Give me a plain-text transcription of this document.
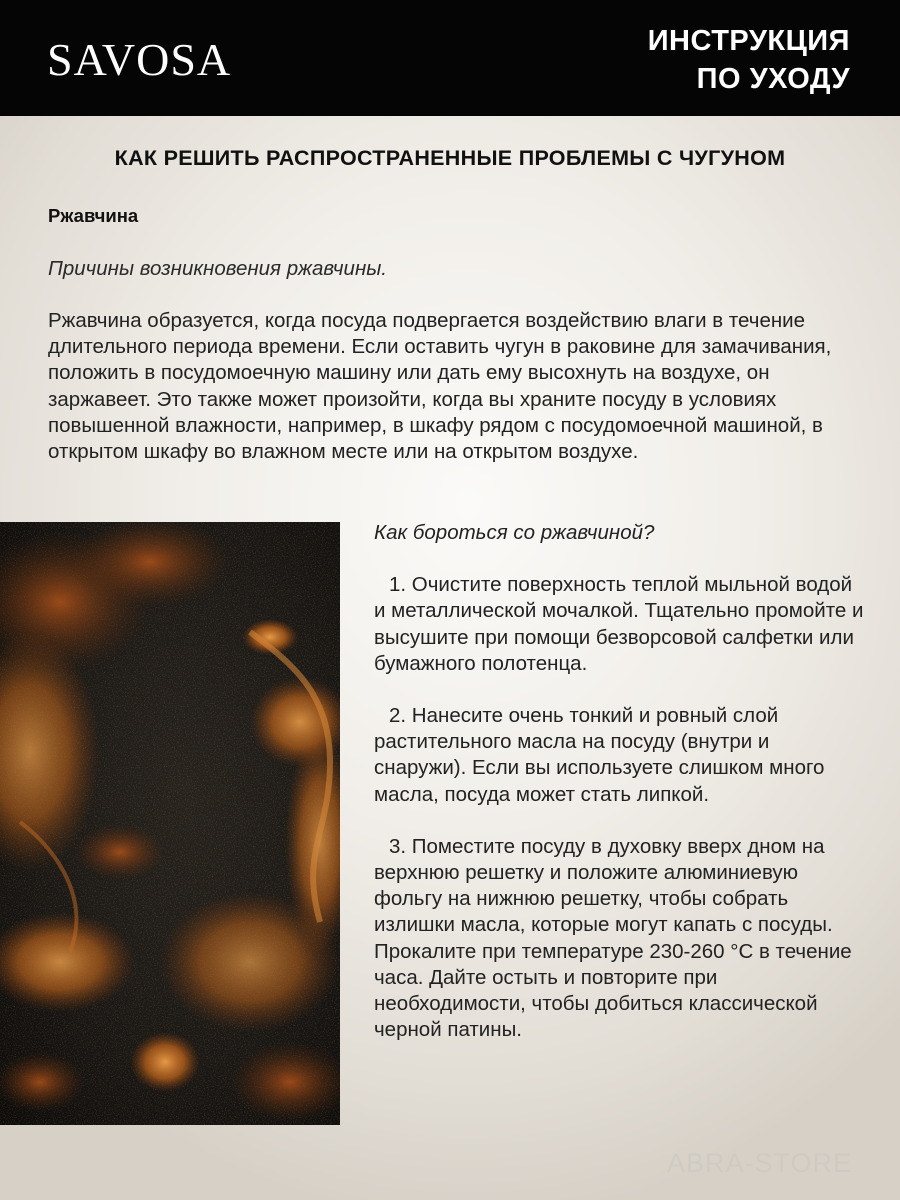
SAVOSA	ИНСТРУКЦИЯ
ПО УХОДУ
КАК РЕШИТЬ РАСПРОСТРАНЕННЫЕ ПРОБЛЕМЫ С ЧУГУНОМ
Ржавчина
Причины возникновения ржавчины.
Ржавчина образуется, когда посуда подвергается воздействию влаги в течение длительного периода времени. Если оставить чугун в раковине для замачивания, положить в посудомоечную машину или дать ему высохнуть на воздухе, он заржавеет. Это также может произойти, когда вы храните посуду в условиях повышенной влажности, например, в шкафу рядом с посудомоечной машиной, в открытом шкафу во влажном месте или на открытом воздухе.
Как бороться со ржавчиной?
1. Очистите поверхность теплой мыльной водой и металлической мочалкой. Тщательно промойте и высушите при помощи безворсовой салфетки или бумажного полотенца.
2. Нанесите очень тонкий и ровный слой растительного масла на посуду (внутри и снаружи). Если вы используете слишком много масла, посуда может стать липкой.
3. Поместите посуду в духовку вверх дном на верхнюю решетку и положите алюминиевую фольгу на нижнюю решетку, чтобы собрать излишки масла, которые могут капать с посуды. Прокалите при температуре 230-260 °С в течение часа. Дайте остыть и повторите при необходимости, чтобы добиться классической черной патины.
ABRA-STORE
